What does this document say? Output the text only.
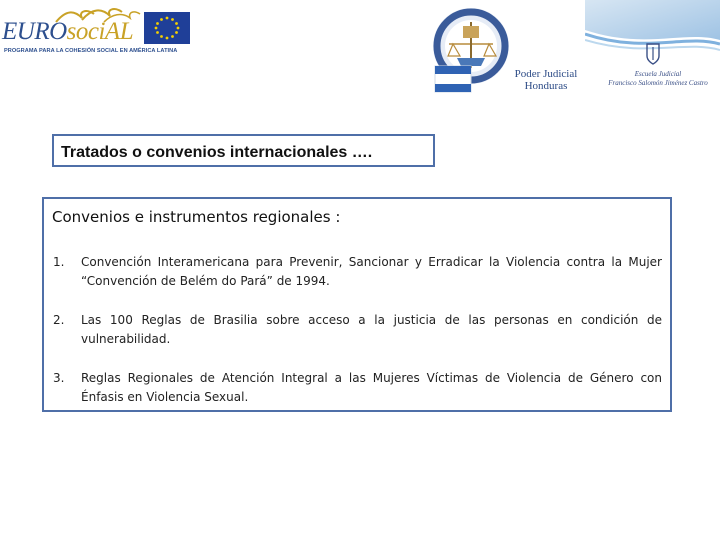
EUROsociAL
PROGRAMA PARA LA COHESIÓN SOCIAL EN AMÉRICA LATINA
Poder Judicial
Honduras
Escuela Judicial
Francisco Salomón Jiménez Castro
Tratados o convenios internacionales ….
Convenios e instrumentos regionales :
1. Convención Interamericana para Prevenir, Sancionar y Erradicar la Violencia contra la Mujer “Convención de Belém do Pará” de 1994.
2. Las 100 Reglas de Brasilia sobre acceso a la justicia de las personas en condición de vulnerabilidad.
3. Reglas Regionales de Atención Integral a las Mujeres Víctimas de Violencia de Género con Énfasis en Violencia Sexual.
